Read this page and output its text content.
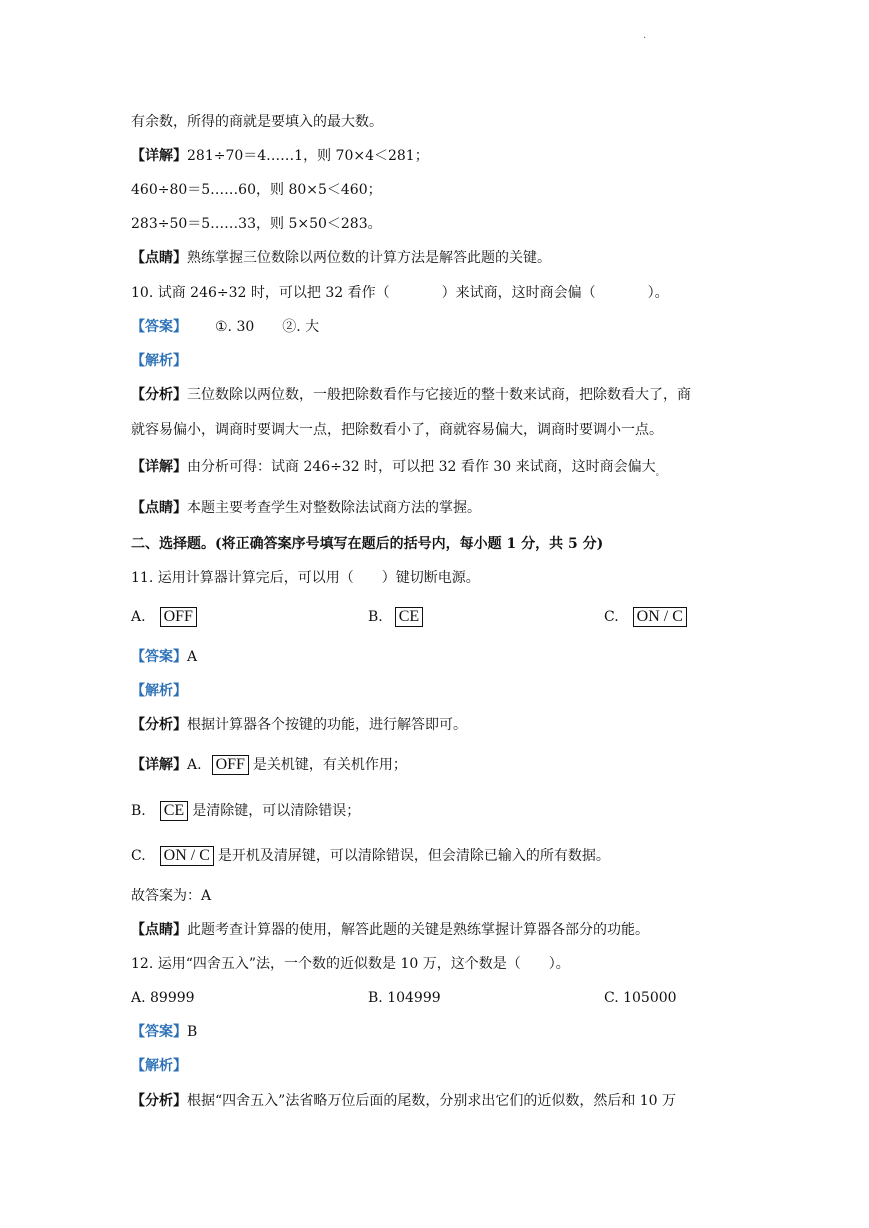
.
有余数，所得的商就是要填入的最大数。
【详解】281÷70＝4……1，则 70×4＜281；
460÷80＝5……60，则 80×5＜460；
283÷50＝5……33，则 5×50＜283。
【点睛】熟练掌握三位数除以两位数的计算方法是解答此题的关键。
10. 试商 246÷32 时，可以把 32 看作（	）来试商，这时商会偏（	）。
【答案】 ①. 30 ②. 大
【解析】
【分析】三位数除以两位数，一般把除数看作与它接近的整十数来试商，把除数看大了，商
就容易偏小，调商时要调大一点，把除数看小了，商就容易偏大，调商时要调小一点。
【详解】由分析可得：试商 246÷32 时，可以把 32 看作 30 来试商，这时商会偏大$_。$
【点睛】本题主要考查学生对整数除法试商方法的掌握。
二、选择题。(将正确答案序号填写在题后的括号内，每小题 1 分，共 5 分)
11. 运用计算器计算完后，可以用（　　）键切断电源。
A. OFF	B. CE	C. ON / C
【答案】A
【解析】
【分析】根据计算器各个按键的功能，进行解答即可。
【详解】A. OFF 是关机键，有关机作用；
B. CE 是清除键，可以清除错误；
C. ON / C 是开机及清屏键，可以清除错误，但会清除已输入的所有数据。
故答案为：A
【点睛】此题考查计算器的使用，解答此题的关键是熟练掌握计算器各部分的功能。
12. 运用“四舍五入”法，一个数的近似数是 10 万，这个数是（　　）。
A. 89999	B. 104999	C. 105000
【答案】B
【解析】
【分析】根据“四舍五入”法省略万位后面的尾数，分别求出它们的近似数，然后和 10 万
